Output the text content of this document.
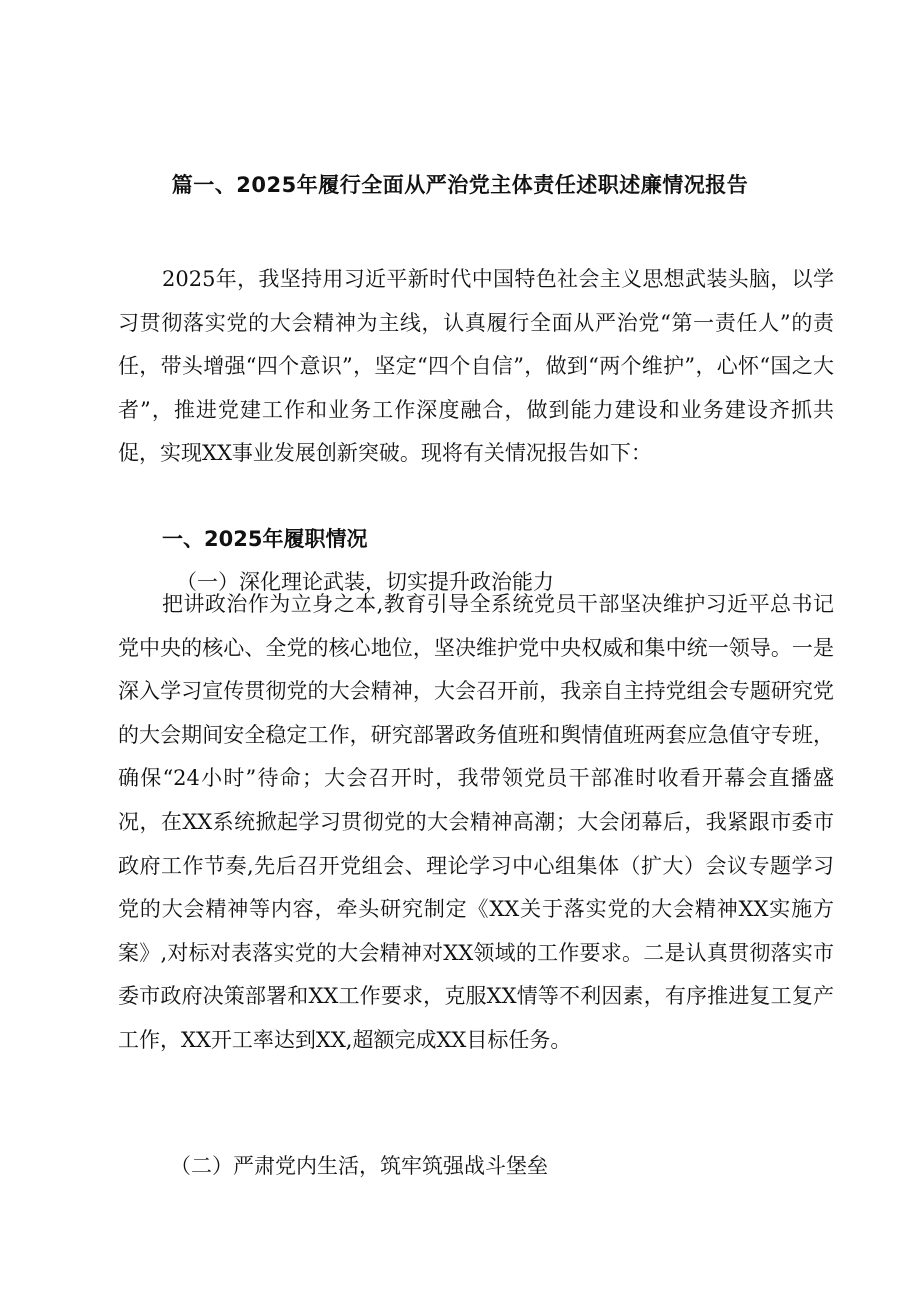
篇一、2025年履行全面从严治党主体责任述职述廉情况报告

2025年，我坚持用习近平新时代中国特色社会主义思想武装头脑，以学习贯彻落实党的大会精神为主线，认真履行全面从严治党“第一责任人”的责任，带头增强“四个意识”，坚定“四个自信”，做到“两个维护”，心怀“国之大者”，推进党建工作和业务工作深度融合，做到能力建设和业务建设齐抓共促，实现XX事业发展创新突破。现将有关情况报告如下：

一、2025年履职情况
（一）深化理论武装，切实提升政治能力

把讲政治作为立身之本,教育引导全系统党员干部坚决维护习近平总书记党中央的核心、全党的核心地位，坚决维护党中央权威和集中统一领导。一是深入学习宣传贯彻党的大会精神，大会召开前，我亲自主持党组会专题研究党的大会期间安全稳定工作，研究部署政务值班和舆情值班两套应急值守专班，确保“24小时”待命；大会召开时，我带领党员干部准时收看开幕会直播盛况，在XX系统掀起学习贯彻党的大会精神高潮；大会闭幕后，我紧跟市委市政府工作节奏,先后召开党组会、理论学习中心组集体（扩大）会议专题学习党的大会精神等内容，牵头研究制定《XX关于落实党的大会精神XX实施方案》,对标对表落实党的大会精神对XX领域的工作要求。二是认真贯彻落实市委市政府决策部署和XX工作要求，克服XX情等不利因素，有序推进复工复产工作，XX开工率达到XX,超额完成XX目标任务。

（二）严肃党内生活，筑牢筑强战斗堡垒
